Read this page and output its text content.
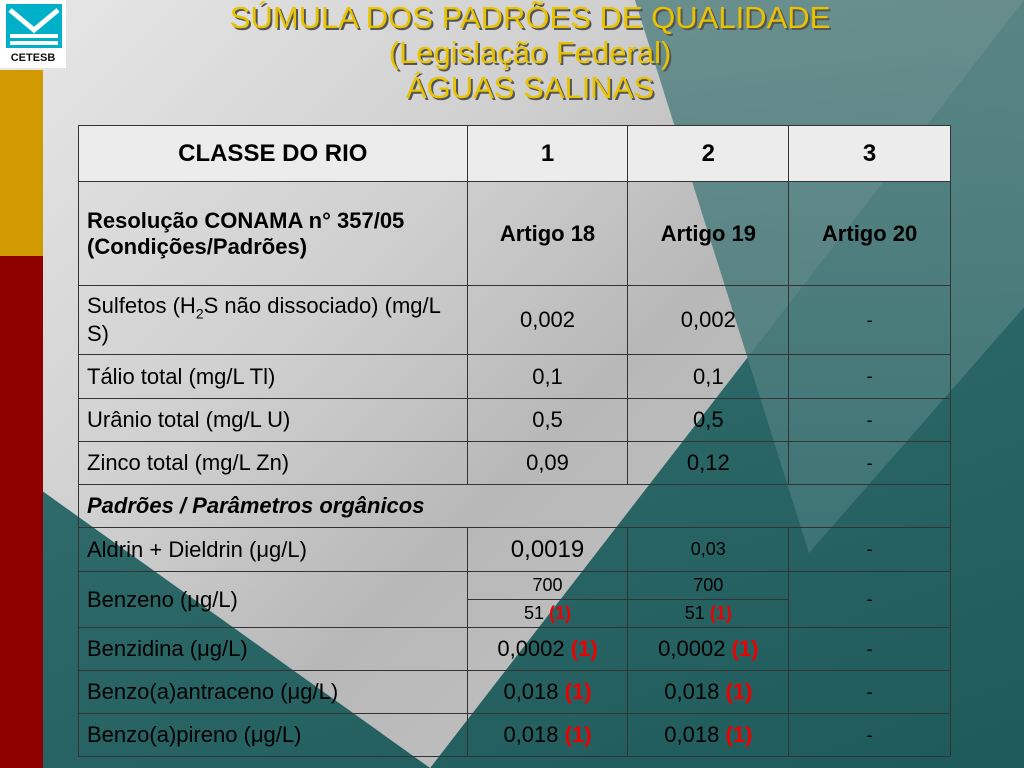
CETESB
SÚMULA DOS PADRÕES DE QUALIDADE
(Legislação Federal)
ÁGUAS SALINAS
CLASSE DO RIO	1	2	3
Resolução CONAMA n° 357/05 (Condições/Padrões)	Artigo 18	Artigo 19	Artigo 20
Sulfetos ($H_2S$ não dissociado) (mg/L S)	0,002	0,002	-
Tálio total (mg/L Tl)	0,1	0,1	-
Urânio total (mg/L U)	0,5	0,5	-
Zinco total (mg/L Zn)	0,09	0,12	-
Padrões / Parâmetros orgânicos			
Aldrin + Dieldrin (μg/L)	0,0019	0,03	-
Benzeno (μg/L)	700	700	-
	51 (1)	51 (1)	
Benzidina (μg/L)	0,0002 (1)	0,0002 (1)	-
Benzo(a)antraceno (μg/L)	0,018 (1)	0,018 (1)	-
Benzo(a)pireno (μg/L)	0,018 (1)	0,018 (1)	-
